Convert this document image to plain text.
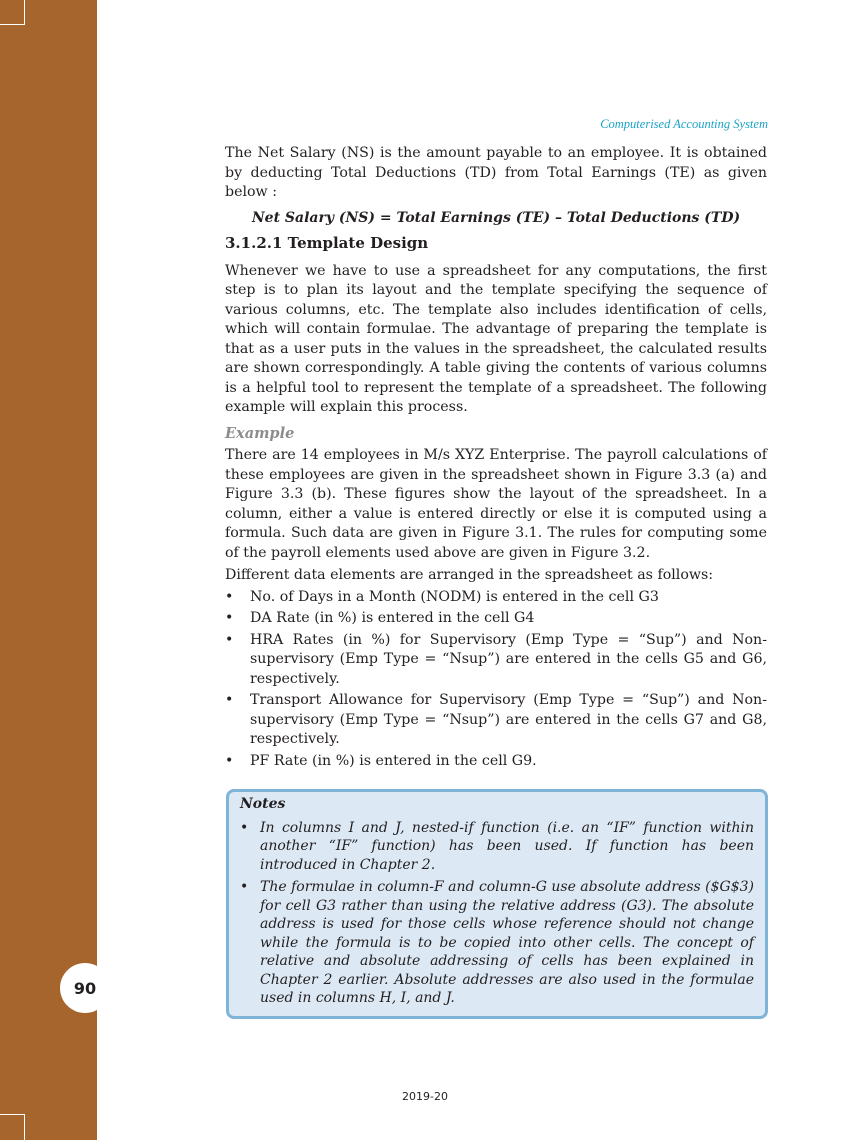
90
Computerised Accounting System

The Net Salary (NS) is the amount payable to an employee. It is obtained by deducting Total Deductions (TD) from Total Earnings (TE) as given below :

Net Salary (NS) = Total Earnings (TE) – Total Deductions (TD)
3.1.2.1 Template Design

Whenever we have to use a spreadsheet for any computations, the first step is to plan its layout and the template specifying the sequence of various columns, etc. The template also includes identification of cells, which will contain formulae. The advantage of preparing the template is that as a user puts in the values in the spreadsheet, the calculated results are shown correspondingly. A table giving the contents of various columns is a helpful tool to represent the template of a spreadsheet. The following example will explain this process.

Example

There are 14 employees in M/s XYZ Enterprise. The payroll calculations of these employees are given in the spreadsheet shown in Figure 3.3 (a) and Figure 3.3 (b). These figures show the layout of the spreadsheet. In a column, either a value is entered directly or else it is computed using a formula. Such data are given in Figure 3.1. The rules for computing some of the payroll elements used above are given in Figure 3.2.

Different data elements are arranged in the spreadsheet as follows:

• No. of Days in a Month (NODM) is entered in the cell G3
• DA Rate (in %) is entered in the cell G4
• HRA Rates (in %) for Supervisory (Emp Type = “Sup”) and Non-supervisory (Emp Type = “Nsup”) are entered in the cells G5 and G6, respectively.
• Transport Allowance for Supervisory (Emp Type = “Sup”) and Non-supervisory (Emp Type = “Nsup”) are entered in the cells G7 and G8, respectively.
• PF Rate (in %) is entered in the cell G9.
Notes
• In columns I and J, nested-if function (i.e. an “IF” function within another “IF” function) has been used. If function has been introduced in Chapter 2.
• The formulae in column-F and column-G use absolute address ($G$3) for cell G3 rather than using the relative address (G3). The absolute address is used for those cells whose reference should not change while the formula is to be copied into other cells. The concept of relative and absolute addressing of cells has been explained in Chapter 2 earlier. Absolute addresses are also used in the formulae used in columns H, I, and J.
2019-20
